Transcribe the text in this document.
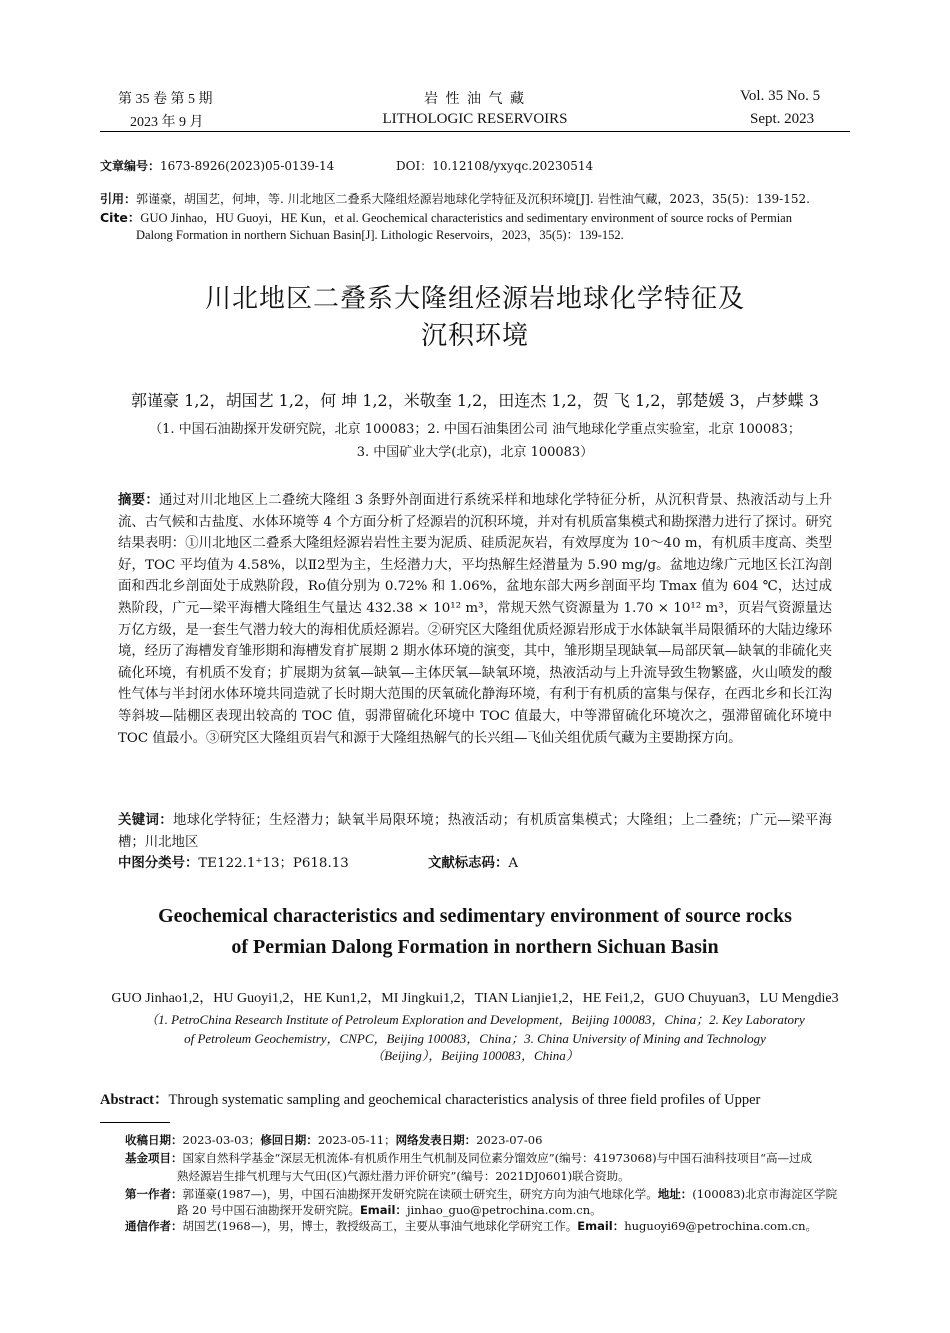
第 35 卷 第 5 期
2023 年 9 月
岩 性 油 气 藏
LITHOLOGIC RESERVOIRS
Vol. 35 No. 5
Sept. 2023
文章编号：1673-8926(2023)05-0139-14	DOI：10.12108/yxyqc.20230514
引用：郭谨豪，胡国艺，何坤，等. 川北地区二叠系大隆组烃源岩地球化学特征及沉积环境[J]. 岩性油气藏，2023，35(5)：139-152.
Cite：GUO Jinhao，HU Guoyi，HE Kun，et al. Geochemical characteristics and sedimentary environment of source rocks of Permian
Dalong Formation in northern Sichuan Basin[J]. Lithologic Reservoirs，2023，35(5)：139-152.
川北地区二叠系大隆组烃源岩地球化学特征及
沉积环境
郭谨豪 1,2，胡国艺 1,2，何 坤 1,2，米敬奎 1,2，田连杰 1,2，贺 飞 1,2，郭楚媛 3，卢梦蝶 3
（1. 中国石油勘探开发研究院，北京 100083；2. 中国石油集团公司 油气地球化学重点实验室，北京 100083；
3. 中国矿业大学(北京)，北京 100083）
摘要：通过对川北地区上二叠统大隆组 3 条野外剖面进行系统采样和地球化学特征分析，从沉积背景、热液活动与上升流、古气候和古盐度、水体环境等 4 个方面分析了烃源岩的沉积环境，并对有机质富集模式和勘探潜力进行了探讨。研究结果表明：①川北地区二叠系大隆组烃源岩岩性主要为泥质、硅质泥灰岩，有效厚度为 10～40 m，有机质丰度高、类型好，TOC 平均值为 4.58%，以Ⅱ2型为主，生烃潜力大，平均热解生烃潜量为 5.90 mg/g。盆地边缘广元地区长江沟剖面和西北乡剖面处于成熟阶段，Ro值分别为 0.72% 和 1.06%，盆地东部大两乡剖面平均 Tmax 值为 604 ℃，达过成熟阶段，广元—梁平海槽大隆组生气量达 432.38 × 10¹² m³，常规天然气资源量为 1.70 × 10¹² m³，页岩气资源量达万亿方级，是一套生气潜力较大的海相优质烃源岩。②研究区大隆组优质烃源岩形成于水体缺氧半局限循环的大陆边缘环境，经历了海槽发育雏形期和海槽发育扩展期 2 期水体环境的演变，其中，雏形期呈现缺氧—局部厌氧—缺氧的非硫化夹硫化环境，有机质不发育；扩展期为贫氧—缺氧—主体厌氧—缺氧环境，热液活动与上升流导致生物繁盛，火山喷发的酸性气体与半封闭水体环境共同造就了长时期大范围的厌氧硫化静海环境，有利于有机质的富集与保存，在西北乡和长江沟等斜坡—陆棚区表现出较高的 TOC 值，弱滞留硫化环境中 TOC 值最大，中等滞留硫化环境次之，强滞留硫化环境中 TOC 值最小。③研究区大隆组页岩气和源于大隆组热解气的长兴组—飞仙关组优质气藏为主要勘探方向。
关键词：地球化学特征；生烃潜力；缺氧半局限环境；热液活动；有机质富集模式；大隆组；上二叠统；广元—梁平海槽；川北地区
中图分类号：TE122.1⁺13；P618.13	文献标志码：A
Geochemical characteristics and sedimentary environment of source rocks
of Permian Dalong Formation in northern Sichuan Basin
GUO Jinhao1,2，HU Guoyi1,2，HE Kun1,2，MI Jingkui1,2，TIAN Lianjie1,2，HE Fei1,2，GUO Chuyuan3，LU Mengdie3
（1. PetroChina Research Institute of Petroleum Exploration and Development，Beijing 100083，China；2. Key Laboratory
of Petroleum Geochemistry，CNPC，Beijing 100083，China；3. China University of Mining and Technology
（Beijing），Beijing 100083，China）
Abstract：Through systematic sampling and geochemical characteristics analysis of three field profiles of Upper
收稿日期：2023-03-03；修回日期：2023-05-11；网络发表日期：2023-07-06
基金项目：国家自然科学基金“深层无机流体-有机质作用生气机制及同位素分馏效应”(编号：41973068)与中国石油科技项目“高—过成
熟烃源岩生排气机理与大气田(区)气源灶潜力评价研究”(编号：2021DJ0601)联合资助。
第一作者：郭谨豪(1987—)，男，中国石油勘探开发研究院在读硕士研究生，研究方向为油气地球化学。地址：(100083)北京市海淀区学院
路 20 号中国石油勘探开发研究院。Email：jinhao_guo@petrochina.com.cn。
通信作者：胡国艺(1968—)，男，博士，教授级高工，主要从事油气地球化学研究工作。Email：huguoyi69@petrochina.com.cn。
